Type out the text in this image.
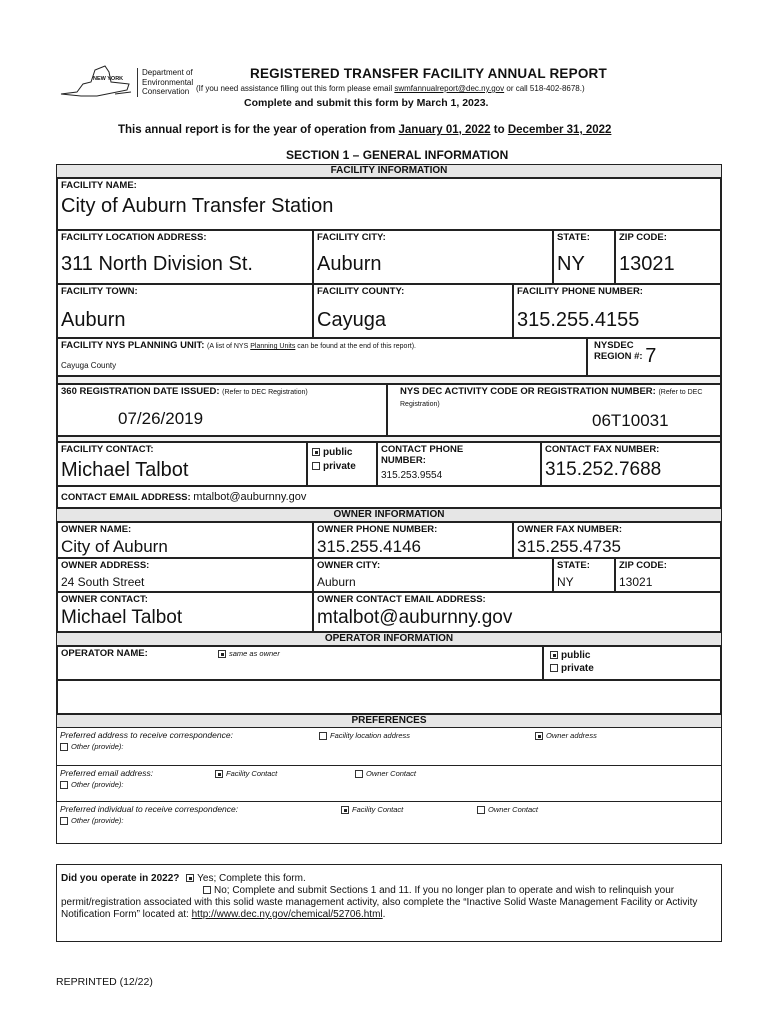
NEW YORK
Department of
Environmental
Conservation
REGISTERED TRANSFER FACILITY ANNUAL REPORT
(If you need assistance filling out this form please email swmfannualreport@dec.ny.gov or call 518-402-8678.)
Complete and submit this form by March 1, 2023.
This annual report is for the year of operation from January 01, 2022 to December 31, 2022
SECTION 1 – GENERAL INFORMATION
FACILITY INFORMATION
FACILITY NAME:
City of Auburn Transfer Station
FACILITY LOCATION ADDRESS:
311 North Division St.
FACILITY CITY:
Auburn
STATE:
NY
ZIP CODE:
13021
FACILITY TOWN:
Auburn
FACILITY COUNTY:
Cayuga
FACILITY PHONE NUMBER:
315.255.4155
FACILITY NYS PLANNING UNIT: (A list of NYS Planning Units can be found at the end of this report).
Cayuga County
NYSDEC
REGION #: 7
360 REGISTRATION DATE ISSUED: (Refer to DEC Registration)
07/26/2019
NYS DEC ACTIVITY CODE OR REGISTRATION NUMBER: (Refer to DEC Registration)
06T10031
FACILITY CONTACT:
Michael Talbot
public
private
CONTACT PHONE NUMBER:
315.253.9554
CONTACT FAX NUMBER:
315.252.7688
CONTACT EMAIL ADDRESS: mtalbot@auburnny.gov
OWNER INFORMATION
OWNER NAME:
City of Auburn
OWNER PHONE NUMBER:
315.255.4146
OWNER FAX NUMBER:
315.255.4735
OWNER ADDRESS:
24 South Street
OWNER CITY:
Auburn
STATE:
NY
ZIP CODE:
13021
OWNER CONTACT:
Michael Talbot
OWNER CONTACT EMAIL ADDRESS:
mtalbot@auburnny.gov
OPERATOR INFORMATION
OPERATOR NAME:	same as owner	public
private
PREFERENCES
Preferred address to receive correspondence:	Facility location address	Owner address
Other (provide):
Preferred email address:	Facility Contact	Owner Contact
Other (provide):
Preferred individual to receive correspondence:	Facility Contact	Owner Contact
Other (provide):
Did you operate in 2022? Yes; Complete this form.
No; Complete and submit Sections 1 and 11. If you no longer plan to operate and wish to relinquish your permit/registration associated with this solid waste management activity, also complete the “Inactive Solid Waste Management Facility or Activity Notification Form” located at: http://www.dec.ny.gov/chemical/52706.html.
REPRINTED (12/22)
